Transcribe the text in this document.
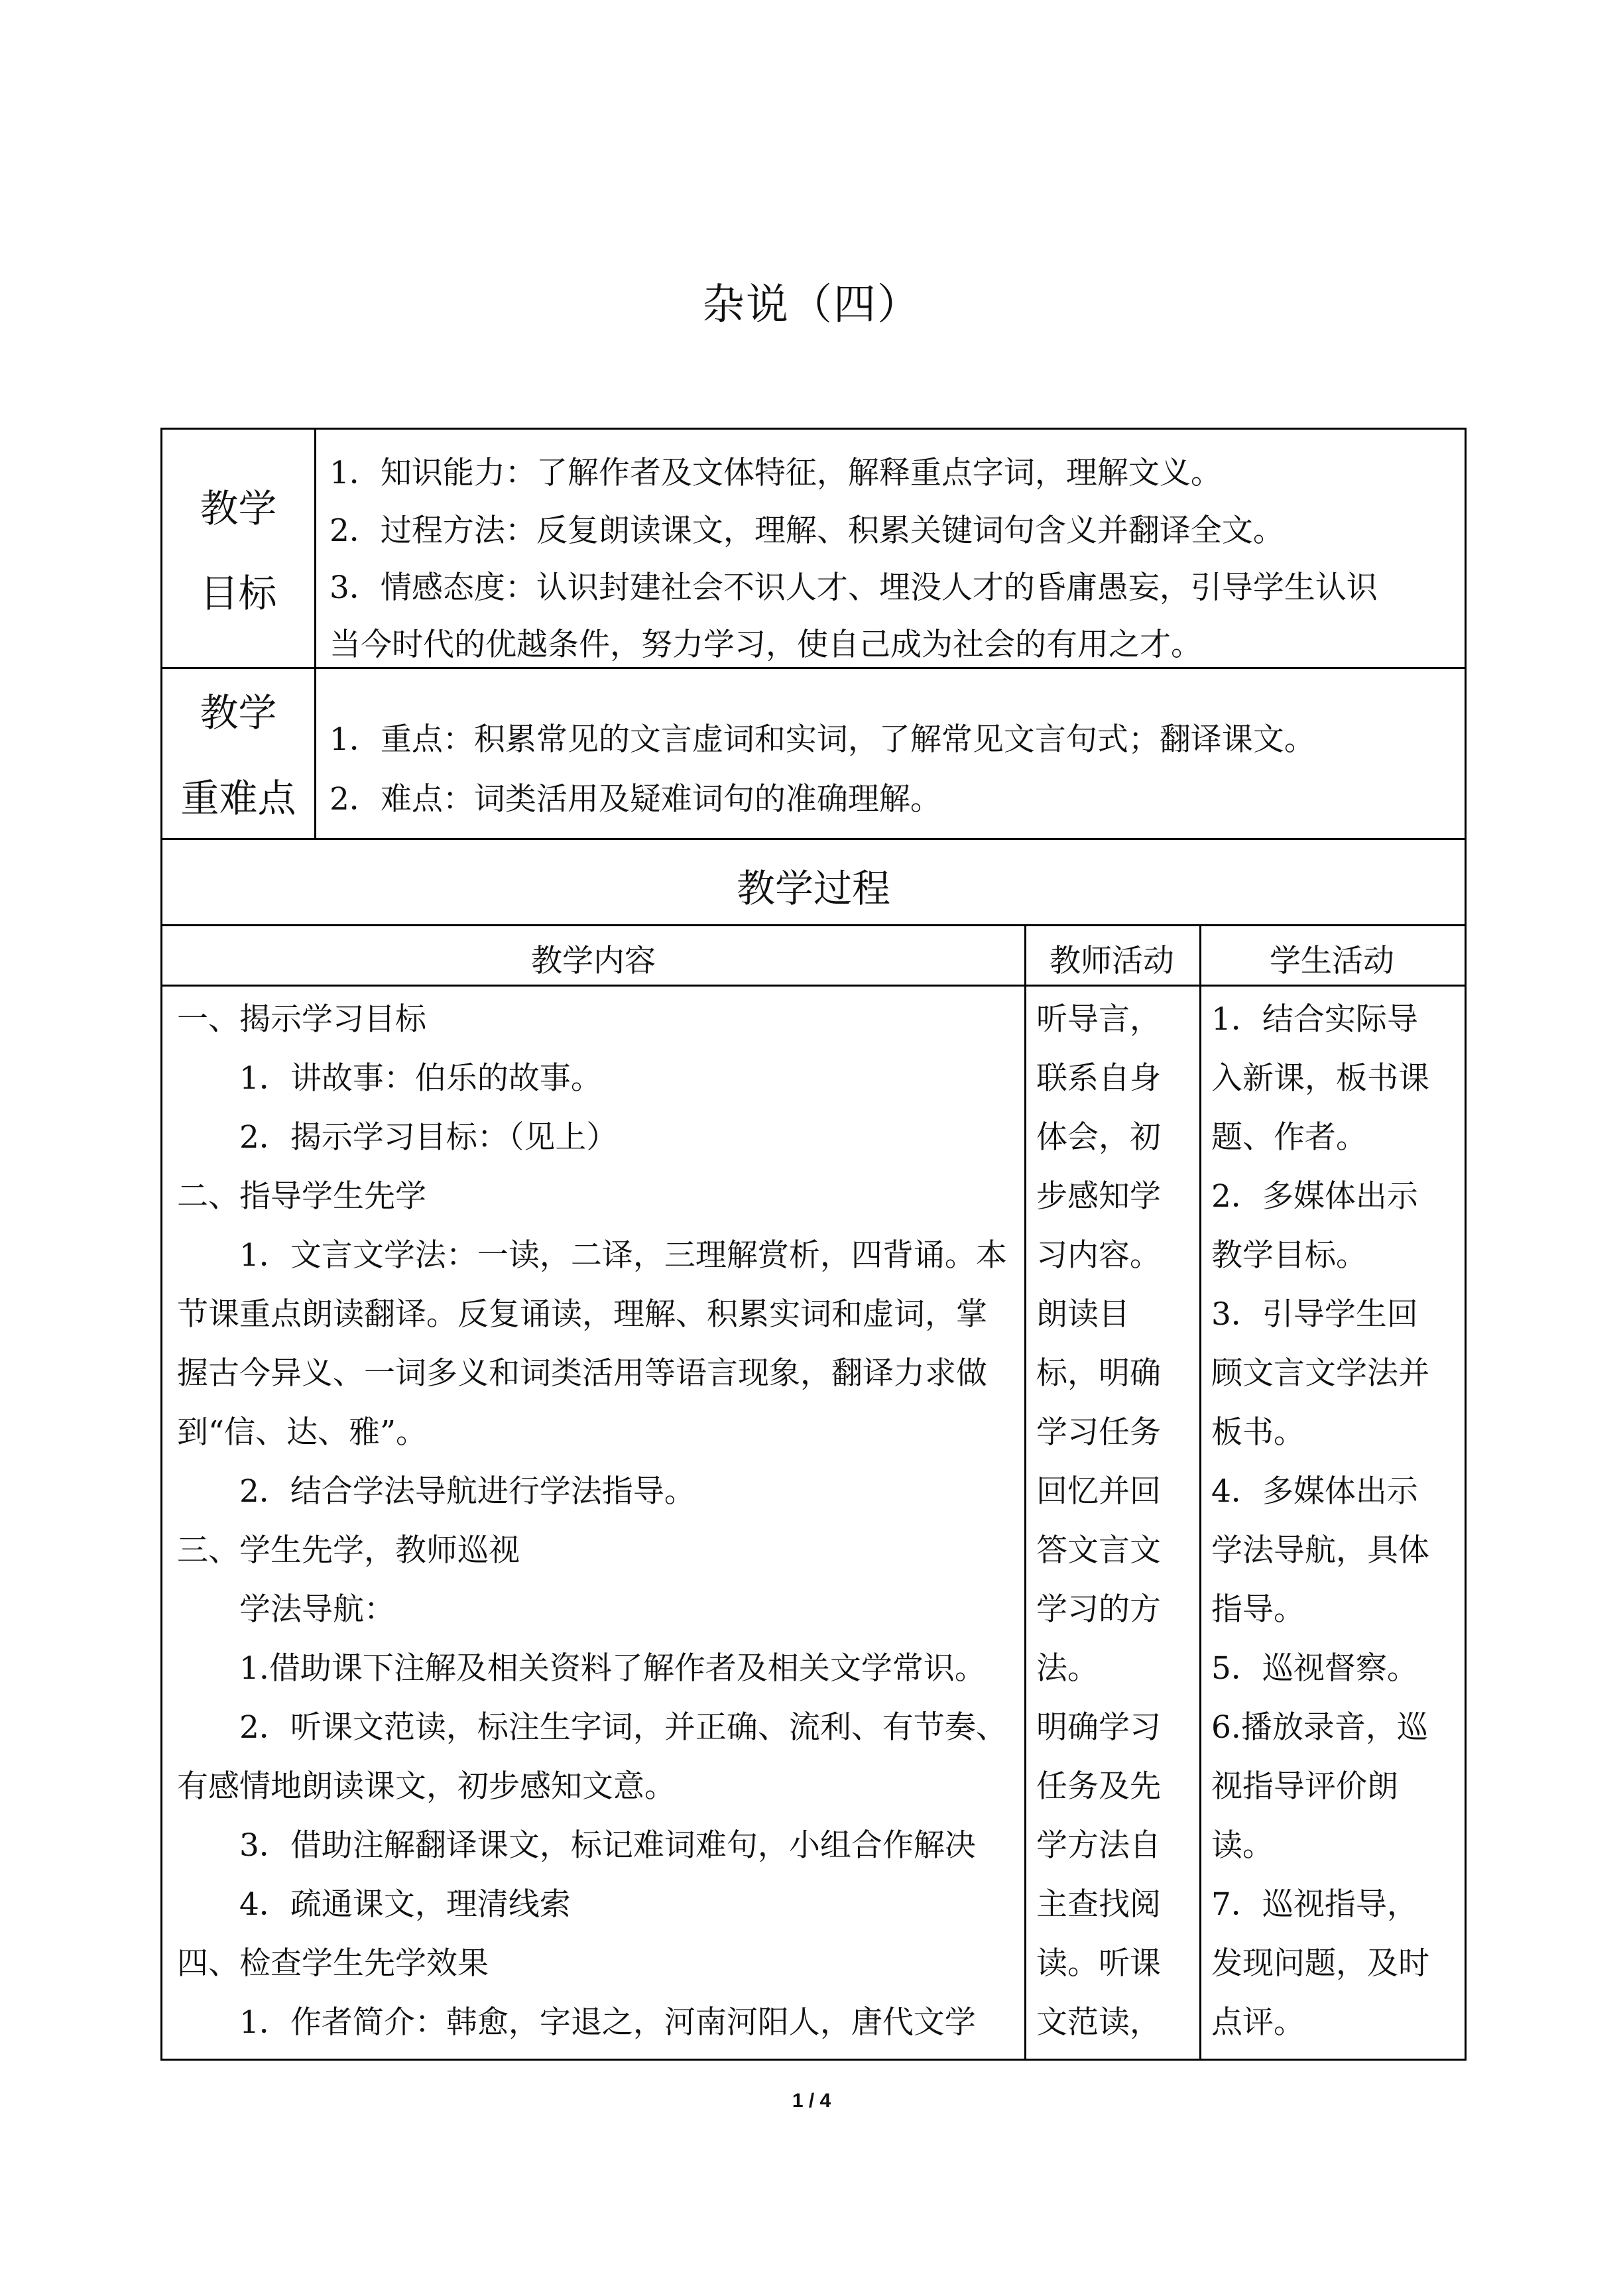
杂说（四）
教学
目标
1．知识能力：了解作者及文体特征，解释重点字词，理解文义。
2．过程方法：反复朗读课文，理解、积累关键词句含义并翻译全文。
3．情感态度：认识封建社会不识人才、埋没人才的昏庸愚妄，引导学生认识
当今时代的优越条件，努力学习，使自己成为社会的有用之才。
教学
重难点
1．重点：积累常见的文言虚词和实词，了解常见文言句式；翻译课文。
2．难点：词类活用及疑难词句的准确理解。
教学过程
教学内容	教师活动	学生活动
一、揭示学习目标
　　1．讲故事：伯乐的故事。
　　2．揭示学习目标：（见上）
二、指导学生先学
　　1．文言文学法：一读，二译，三理解赏析，四背诵。本
节课重点朗读翻译。反复诵读，理解、积累实词和虚词，掌
握古今异义、一词多义和词类活用等语言现象，翻译力求做
到“信、达、雅”。
　　2．结合学法导航进行学法指导。
三、学生先学，教师巡视
　　学法导航：
　　1.借助课下注解及相关资料了解作者及相关文学常识。
　　2．听课文范读，标注生字词，并正确、流利、有节奏、
有感情地朗读课文，初步感知文意。
　　3．借助注解翻译课文，标记难词难句，小组合作解决
　　4．疏通课文，理清线索
四、检查学生先学效果
　　1．作者简介：韩愈，字退之，河南河阳人，唐代文学
听导言，
联系自身
体会，初
步感知学
习内容。
朗读目
标，明确
学习任务
回忆并回
答文言文
学习的方
法。
明确学习
任务及先
学方法自
主查找阅
读。听课
文范读，
1．结合实际导
入新课，板书课
题、作者。
2．多媒体出示
教学目标。
3．引导学生回
顾文言文学法并
板书。
4．多媒体出示
学法导航，具体
指导。
5．巡视督察。
6.播放录音，巡
视指导评价朗
读。
7．巡视指导，
发现问题，及时
点评。
1 / 4
